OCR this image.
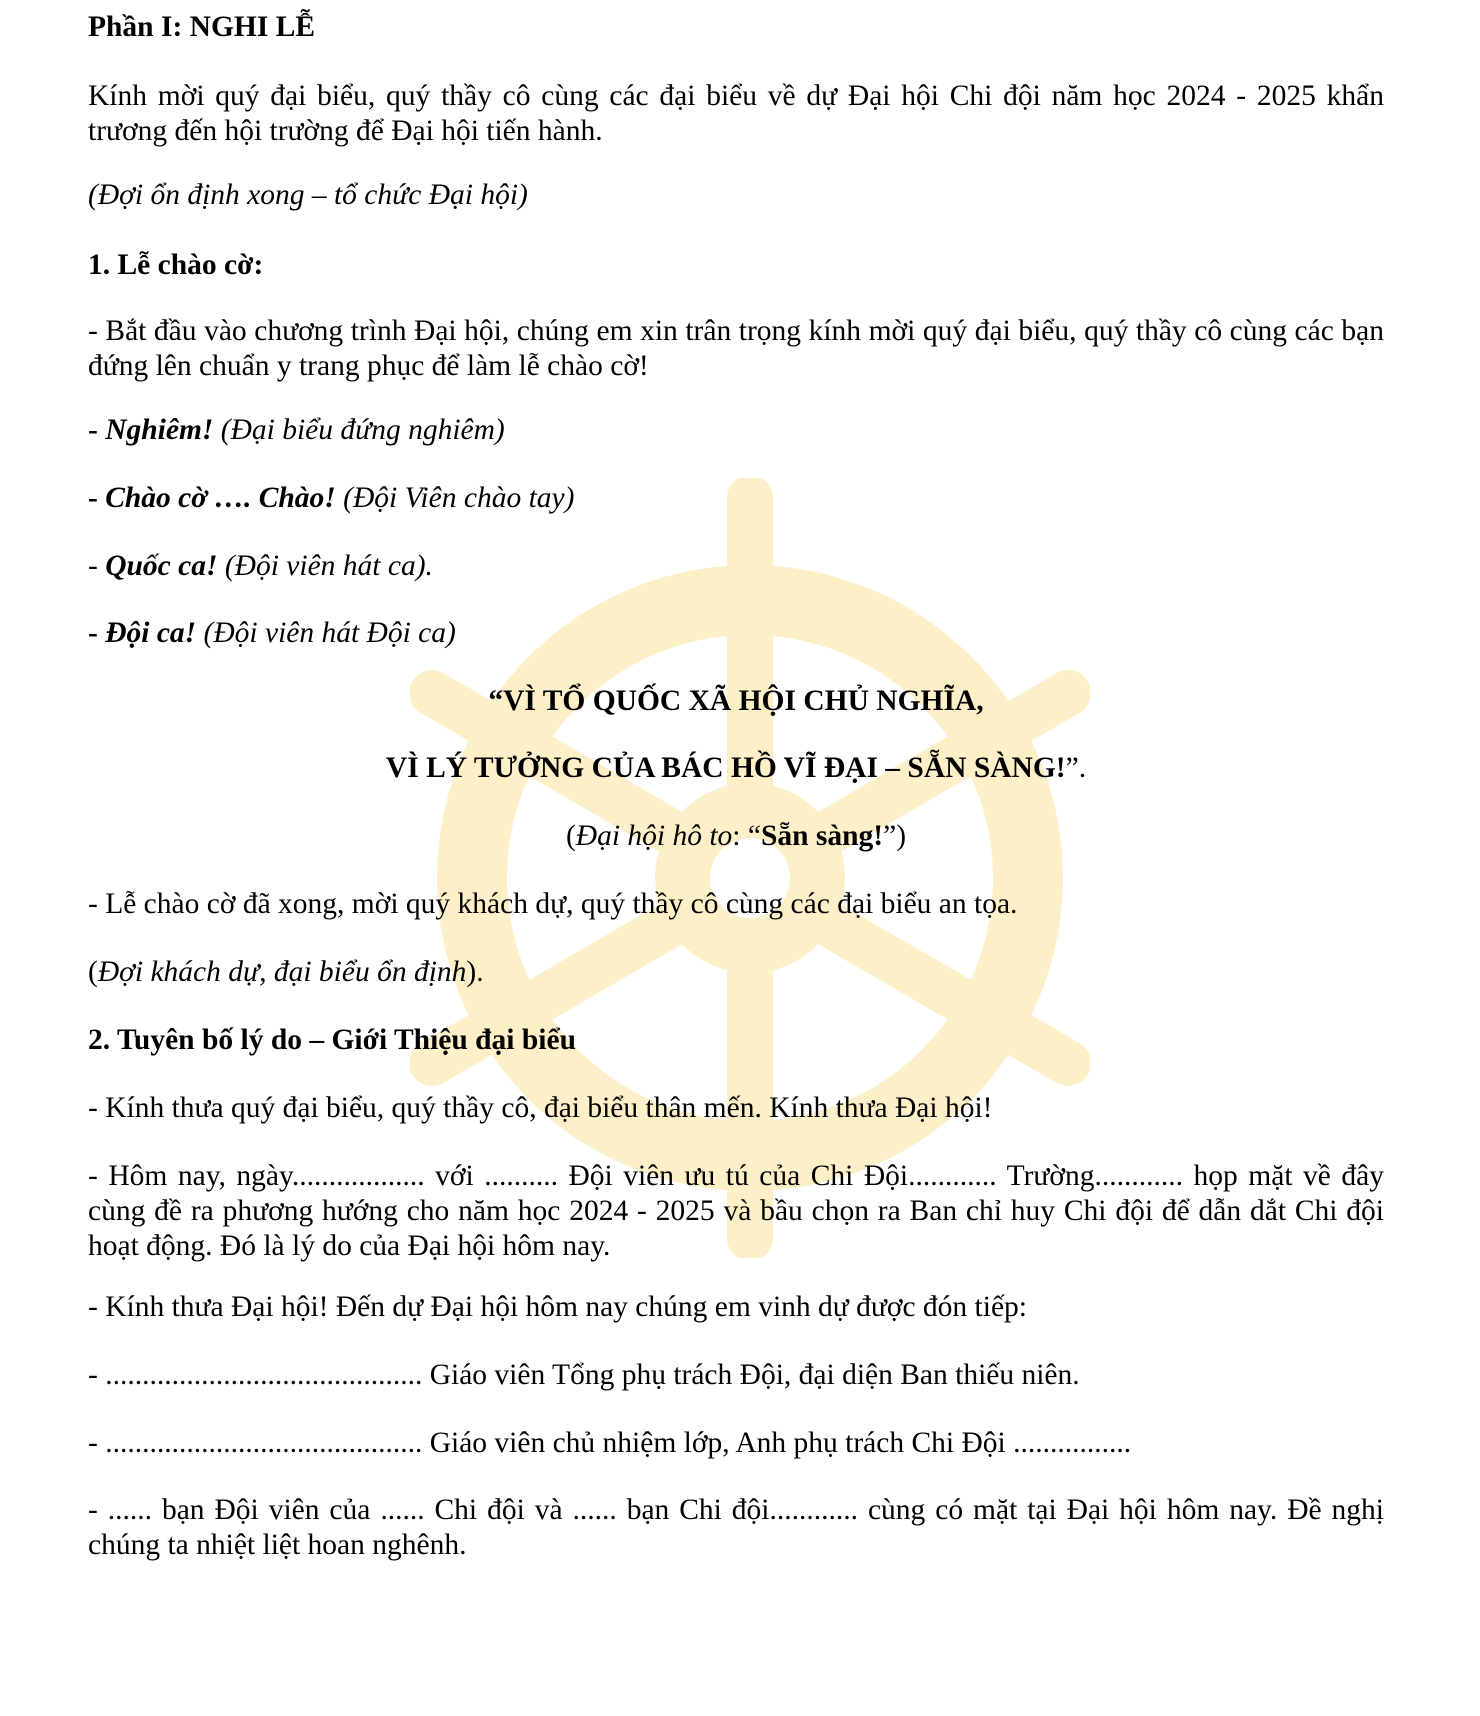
Phần I: NGHI LỄ

Kính mời quý đại biểu, quý thầy cô cùng các đại biểu về dự Đại hội Chi đội năm học 2024 - 2025 khẩn trương đến hội trường để Đại hội tiến hành.

(Đợi ổn định xong – tổ chức Đại hội)

1. Lễ chào cờ:

- Bắt đầu vào chương trình Đại hội, chúng em xin trân trọng kính mời quý đại biểu, quý thầy cô cùng các bạn đứng lên chuẩn y trang phục để làm lễ chào cờ!

- Nghiêm! (Đại biểu đứng nghiêm)

- Chào cờ …. Chào! (Đội Viên chào tay)

- Quốc ca! (Đội viên hát ca).

- Đội ca! (Đội viên hát Đội ca)

“VÌ TỔ QUỐC XÃ HỘI CHỦ NGHĨA,

VÌ LÝ TƯỞNG CỦA BÁC HỒ VĨ ĐẠI – SẴN SÀNG!”.

(Đại hội hô to: “Sẵn sàng!”)

- Lễ chào cờ đã xong, mời quý khách dự, quý thầy cô cùng các đại biểu an tọa.

(Đợi khách dự, đại biểu ổn định).

2. Tuyên bố lý do – Giới Thiệu đại biểu

- Kính thưa quý đại biểu, quý thầy cô, đại biểu thân mến. Kính thưa Đại hội!

- Hôm nay, ngày.................. với .......... Đội viên ưu tú của Chi Đội............ Trường............ họp mặt về đây cùng đề ra phương hướng cho năm học 2024 - 2025 và bầu chọn ra Ban chỉ huy Chi đội để dẫn dắt Chi đội hoạt động. Đó là lý do của Đại hội hôm nay.

- Kính thưa Đại hội! Đến dự Đại hội hôm nay chúng em vinh dự được đón tiếp:

- ........................................... Giáo viên Tổng phụ trách Đội, đại diện Ban thiếu niên.

- ........................................... Giáo viên chủ nhiệm lớp, Anh phụ trách Chi Đội ................

- ...... bạn Đội viên của ...... Chi đội và ...... bạn Chi đội............ cùng có mặt tại Đại hội hôm nay. Đề nghị chúng ta nhiệt liệt hoan nghênh.
